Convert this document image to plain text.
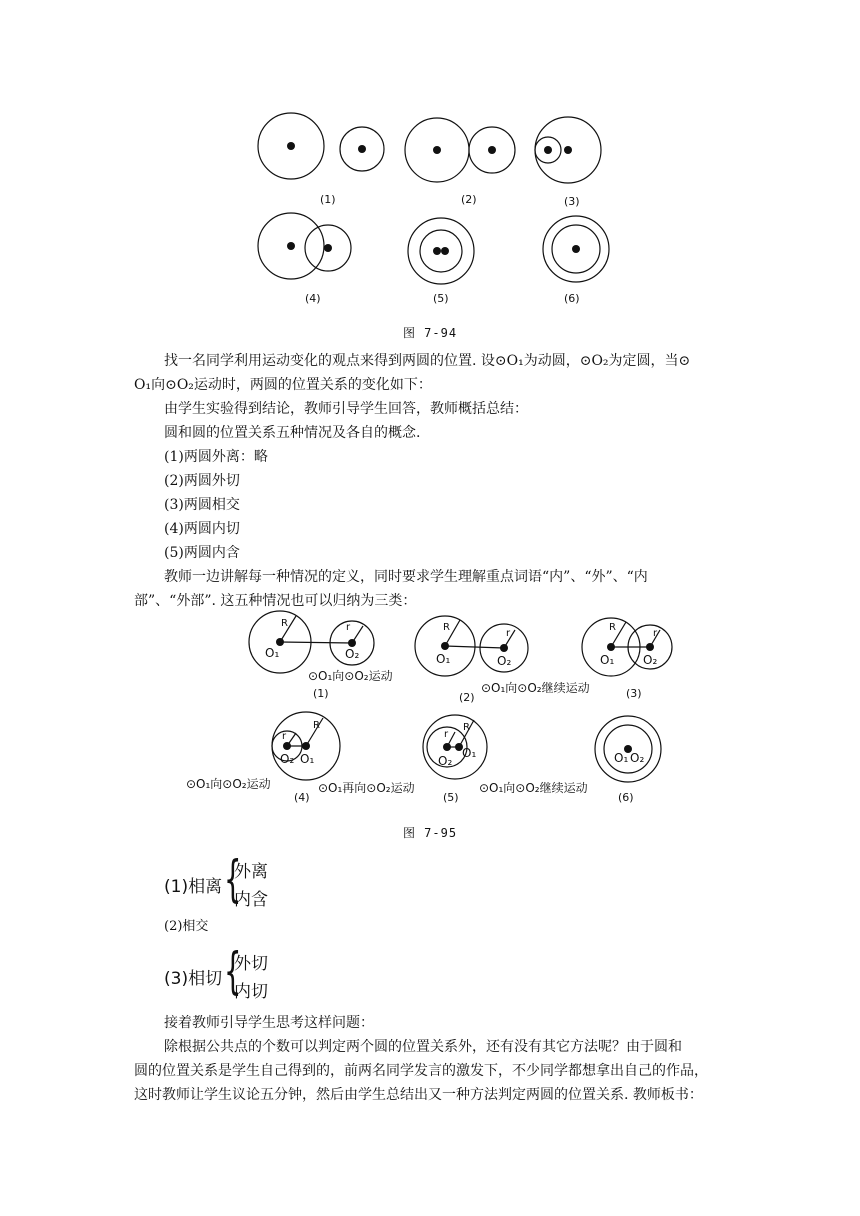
(1)	(2)	(3)
(4)	(5)	(6)
图 7-94
找一名同学利用运动变化的观点来得到两圆的位置. 设⊙O₁为动圆，⊙O₂为定圆，当⊙
O₁向⊙O₂运动时，两圆的位置关系的变化如下：
由学生实验得到结论，教师引导学生回答，教师概括总结：
圆和圆的位置关系五种情况及各自的概念.
(1)两圆外离：略
(2)两圆外切
(3)两圆相交
(4)两圆内切
(5)两圆内含
教师一边讲解每一种情况的定义，同时要求学生理解重点词语“内”、“外”、“内
部”、“外部”. 这五种情况也可以归纳为三类：
R	r	R
r
R
r
R
r
R
r
O₁	O₂	O₁	O₂	O₁ O₂
O₂ O₁	O₂
O₁	O₁ O₂
⊙O₁向⊙O₂运动
⊙O₁向⊙O₂继续运动
⊙O₁向⊙O₂运动	⊙O₁再向⊙O₂运动	⊙O₁向⊙O₂继续运动
(1)	(2)	(3)
(4)	(5)	(6)
图 7-95
(1)相离 {
外离
内含
(2)相交
(3)相切 {
外切
内切
接着教师引导学生思考这样问题：
除根据公共点的个数可以判定两个圆的位置关系外，还有没有其它方法呢？由于圆和
圆的位置关系是学生自己得到的，前两名同学发言的激发下，不少同学都想拿出自己的作品，
这时教师让学生议论五分钟，然后由学生总结出又一种方法判定两圆的位置关系. 教师板书：
